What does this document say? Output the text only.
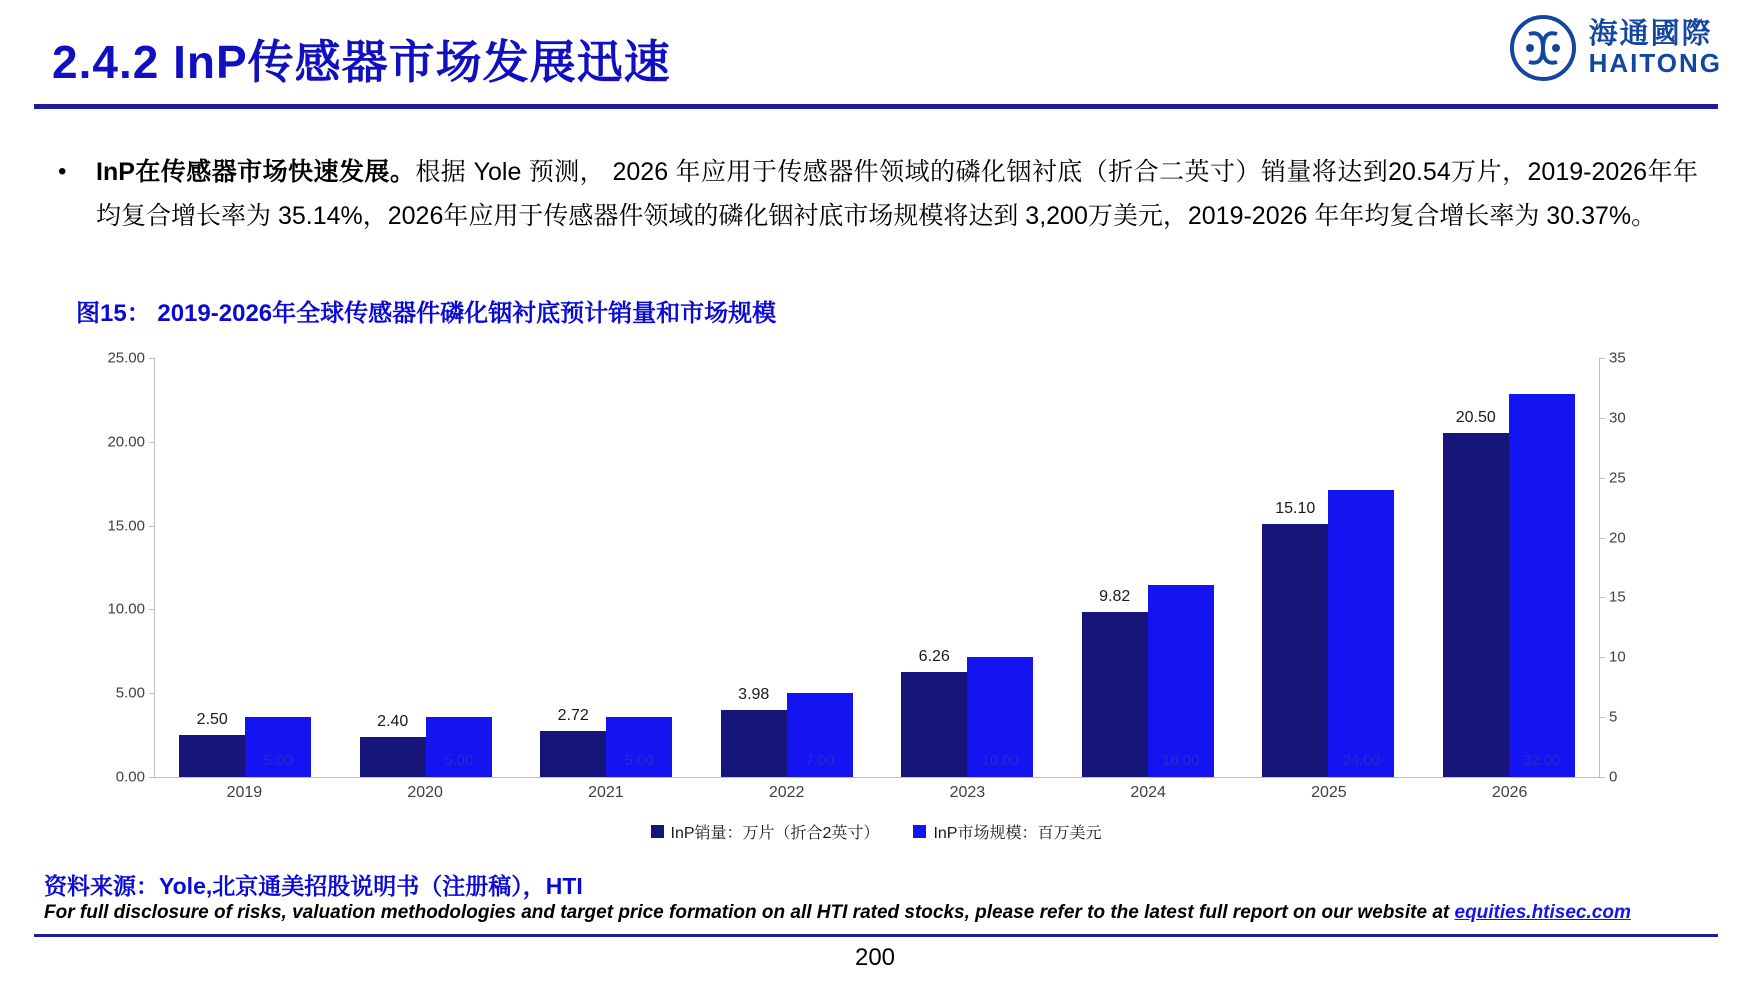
2.4.2 InP传感器市场发展迅速
海通國際
HAITONG
•	InP在传感器市场快速发展。根据 Yole 预测， 2026 年应用于传感器件领域的磷化铟衬底（折合二英寸）销量将达到20.54万片，2019-2026年年均复合增长率为 35.14%，2026年应用于传感器件领域的磷化铟衬底市场规模将达到 3,200万美元，2019-2026 年年均复合增长率为 30.37%。
图15： 2019-2026年全球传感器件磷化铟衬底预计销量和市场规模
2.50
5.00
2.40
5.00
2.72
5.00
3.98
7.00
6.26
10.00
9.82
16.00
15.10
24.00
20.50
32.00
0.00
5.00
10.00
15.00
20.00
25.00
0
5
10
15
20
25
30
35
2019	2020	2021	2022	2023	2024	2025	2026
InP销量：万片（折合2英寸）	InP市场规模：百万美元
资料来源：Yole,北京通美招股说明书（注册稿），HTI
For full disclosure of risks, valuation methodologies and target price formation on all HTI rated stocks, please refer to the latest full report on our website at equities.htisec.com
200
